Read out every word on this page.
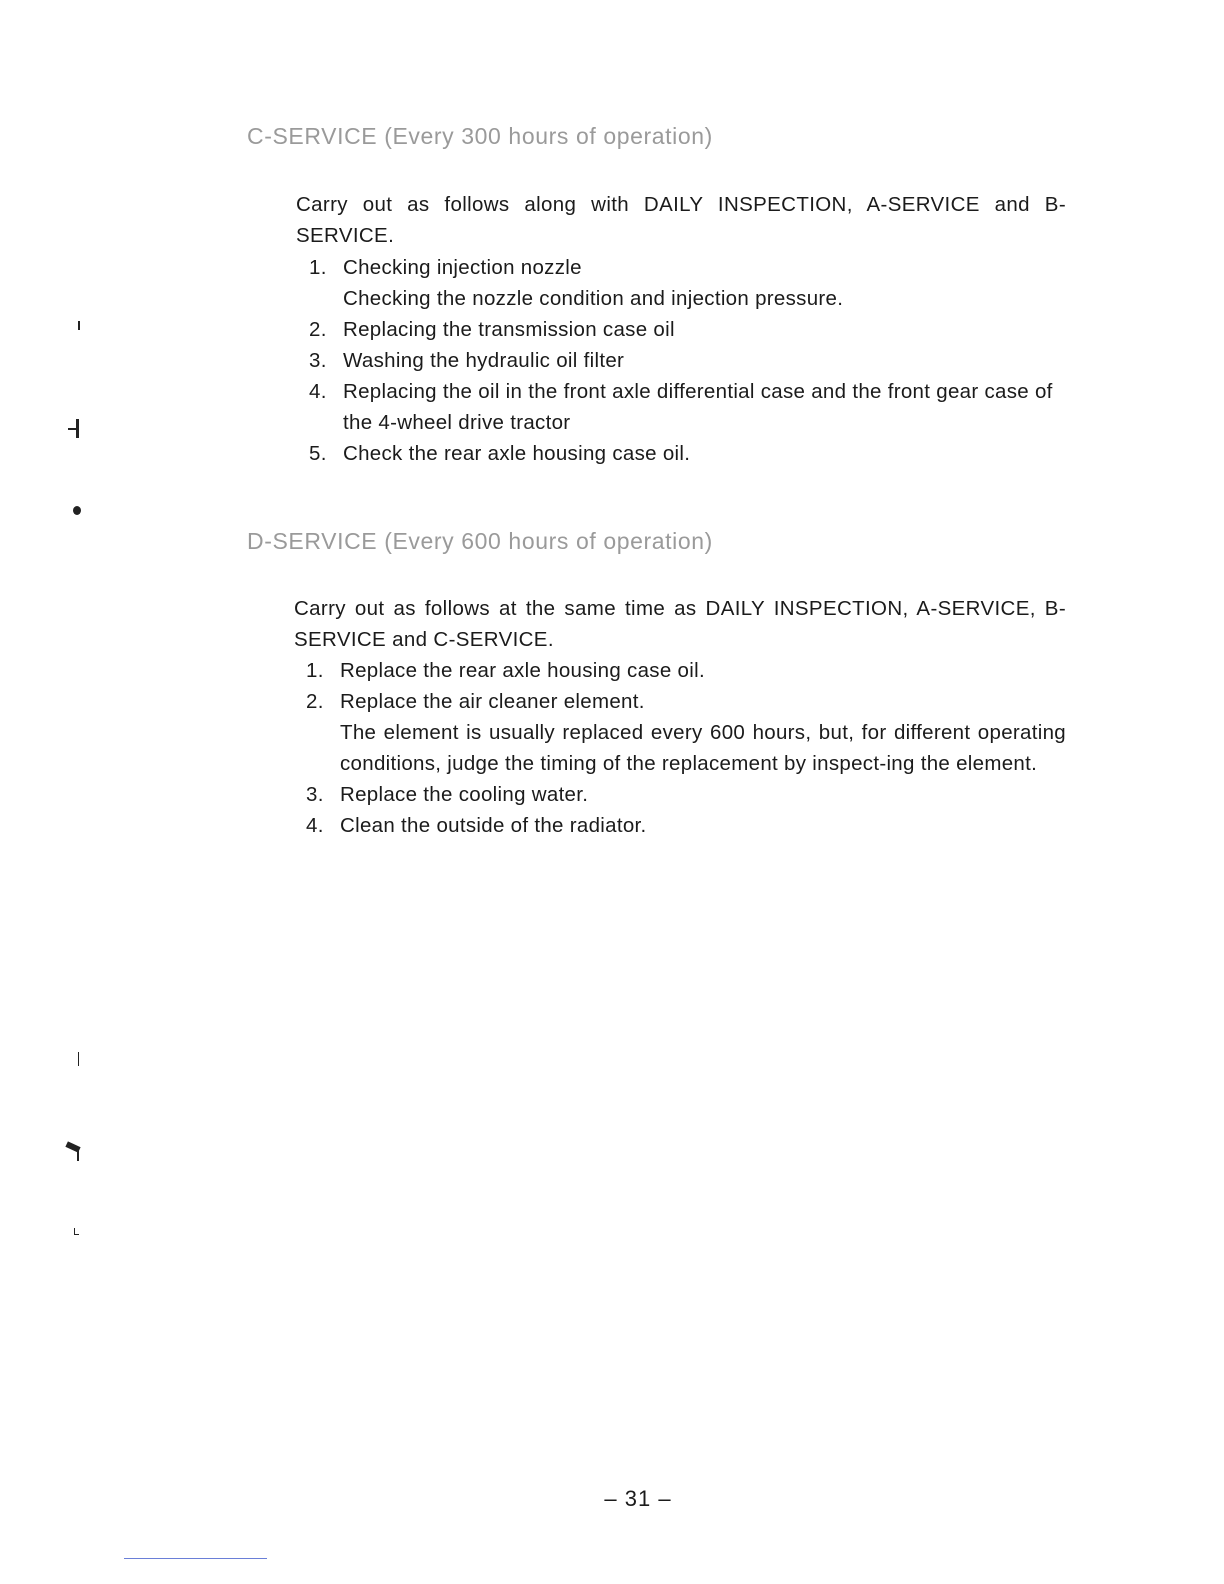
C-SERVICE (Every 300 hours of operation)

Carry out as follows along with DAILY INSPECTION, A-SERVICE and B-SERVICE.

1. Checking injection nozzle
Checking the nozzle condition and injection pressure.
2. Replacing the transmission case oil
3. Washing the hydraulic oil filter
4. Replacing the oil in the front axle differential case and the front gear case of the 4-wheel drive tractor
5. Check the rear axle housing case oil.
D-SERVICE (Every 600 hours of operation)

Carry out as follows at the same time as DAILY INSPECTION, A-SERVICE, B-SERVICE and C-SERVICE.

1. Replace the rear axle housing case oil.
2. Replace the air cleaner element.
The element is usually replaced every 600 hours, but, for different operating conditions, judge the timing of the replacement by inspect-ing the element.
3. Replace the cooling water.
4. Clean the outside of the radiator.
– 31 –
